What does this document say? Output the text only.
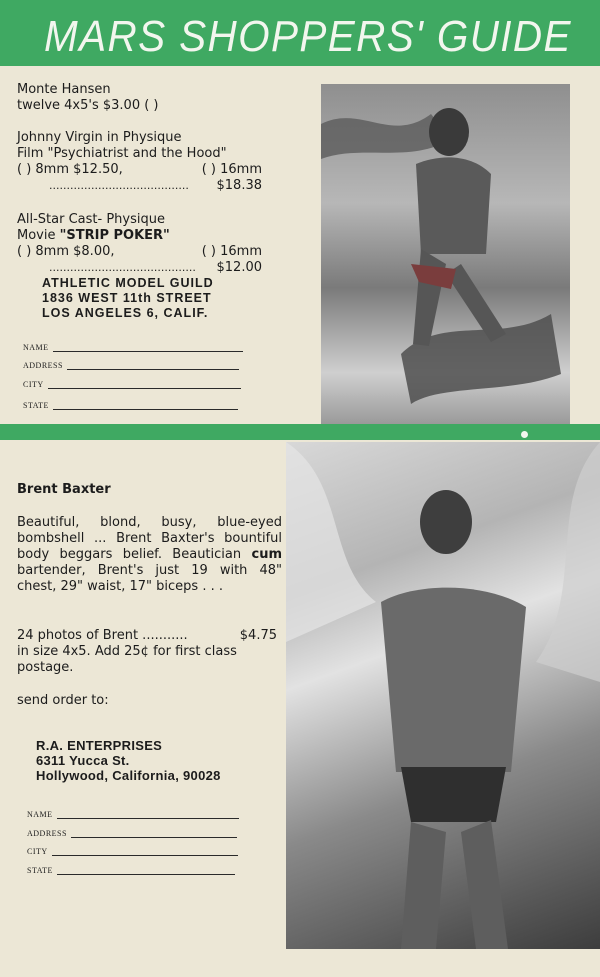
MARS SHOPPERS' GUIDE
Monte Hansen
twelve 4x5's $3.00 ( )
Johnny Virgin in Physique
Film "Psychiatrist and the Hood"
( ) 8mm $12.50,	( ) 16mm
........................................ $18.38
All-Star Cast- Physique
Movie "STRIP POKER"
( ) 8mm $8.00,	( ) 16mm
.......................................... $12.00
ATHLETIC MODEL GUILD
1836 WEST 11th STREET
LOS ANGELES 6, CALIF.
NAME
ADDRESS
CITY
STATE
Brent Baxter
Beautiful, blond, busy, blue-eyed bombshell ... Brent Baxter's bountiful body beggars belief. Beautician cum bartender, Brent's just 19 with 48" chest, 29" waist, 17" biceps . . .
24 photos of Brent ...........	$4.75
in size 4x5. Add 25¢ for first class postage.
send order to:
R.A. ENTERPRISES
6311 Yucca St.
Hollywood, California, 90028
NAME
ADDRESS
CITY
STATE
